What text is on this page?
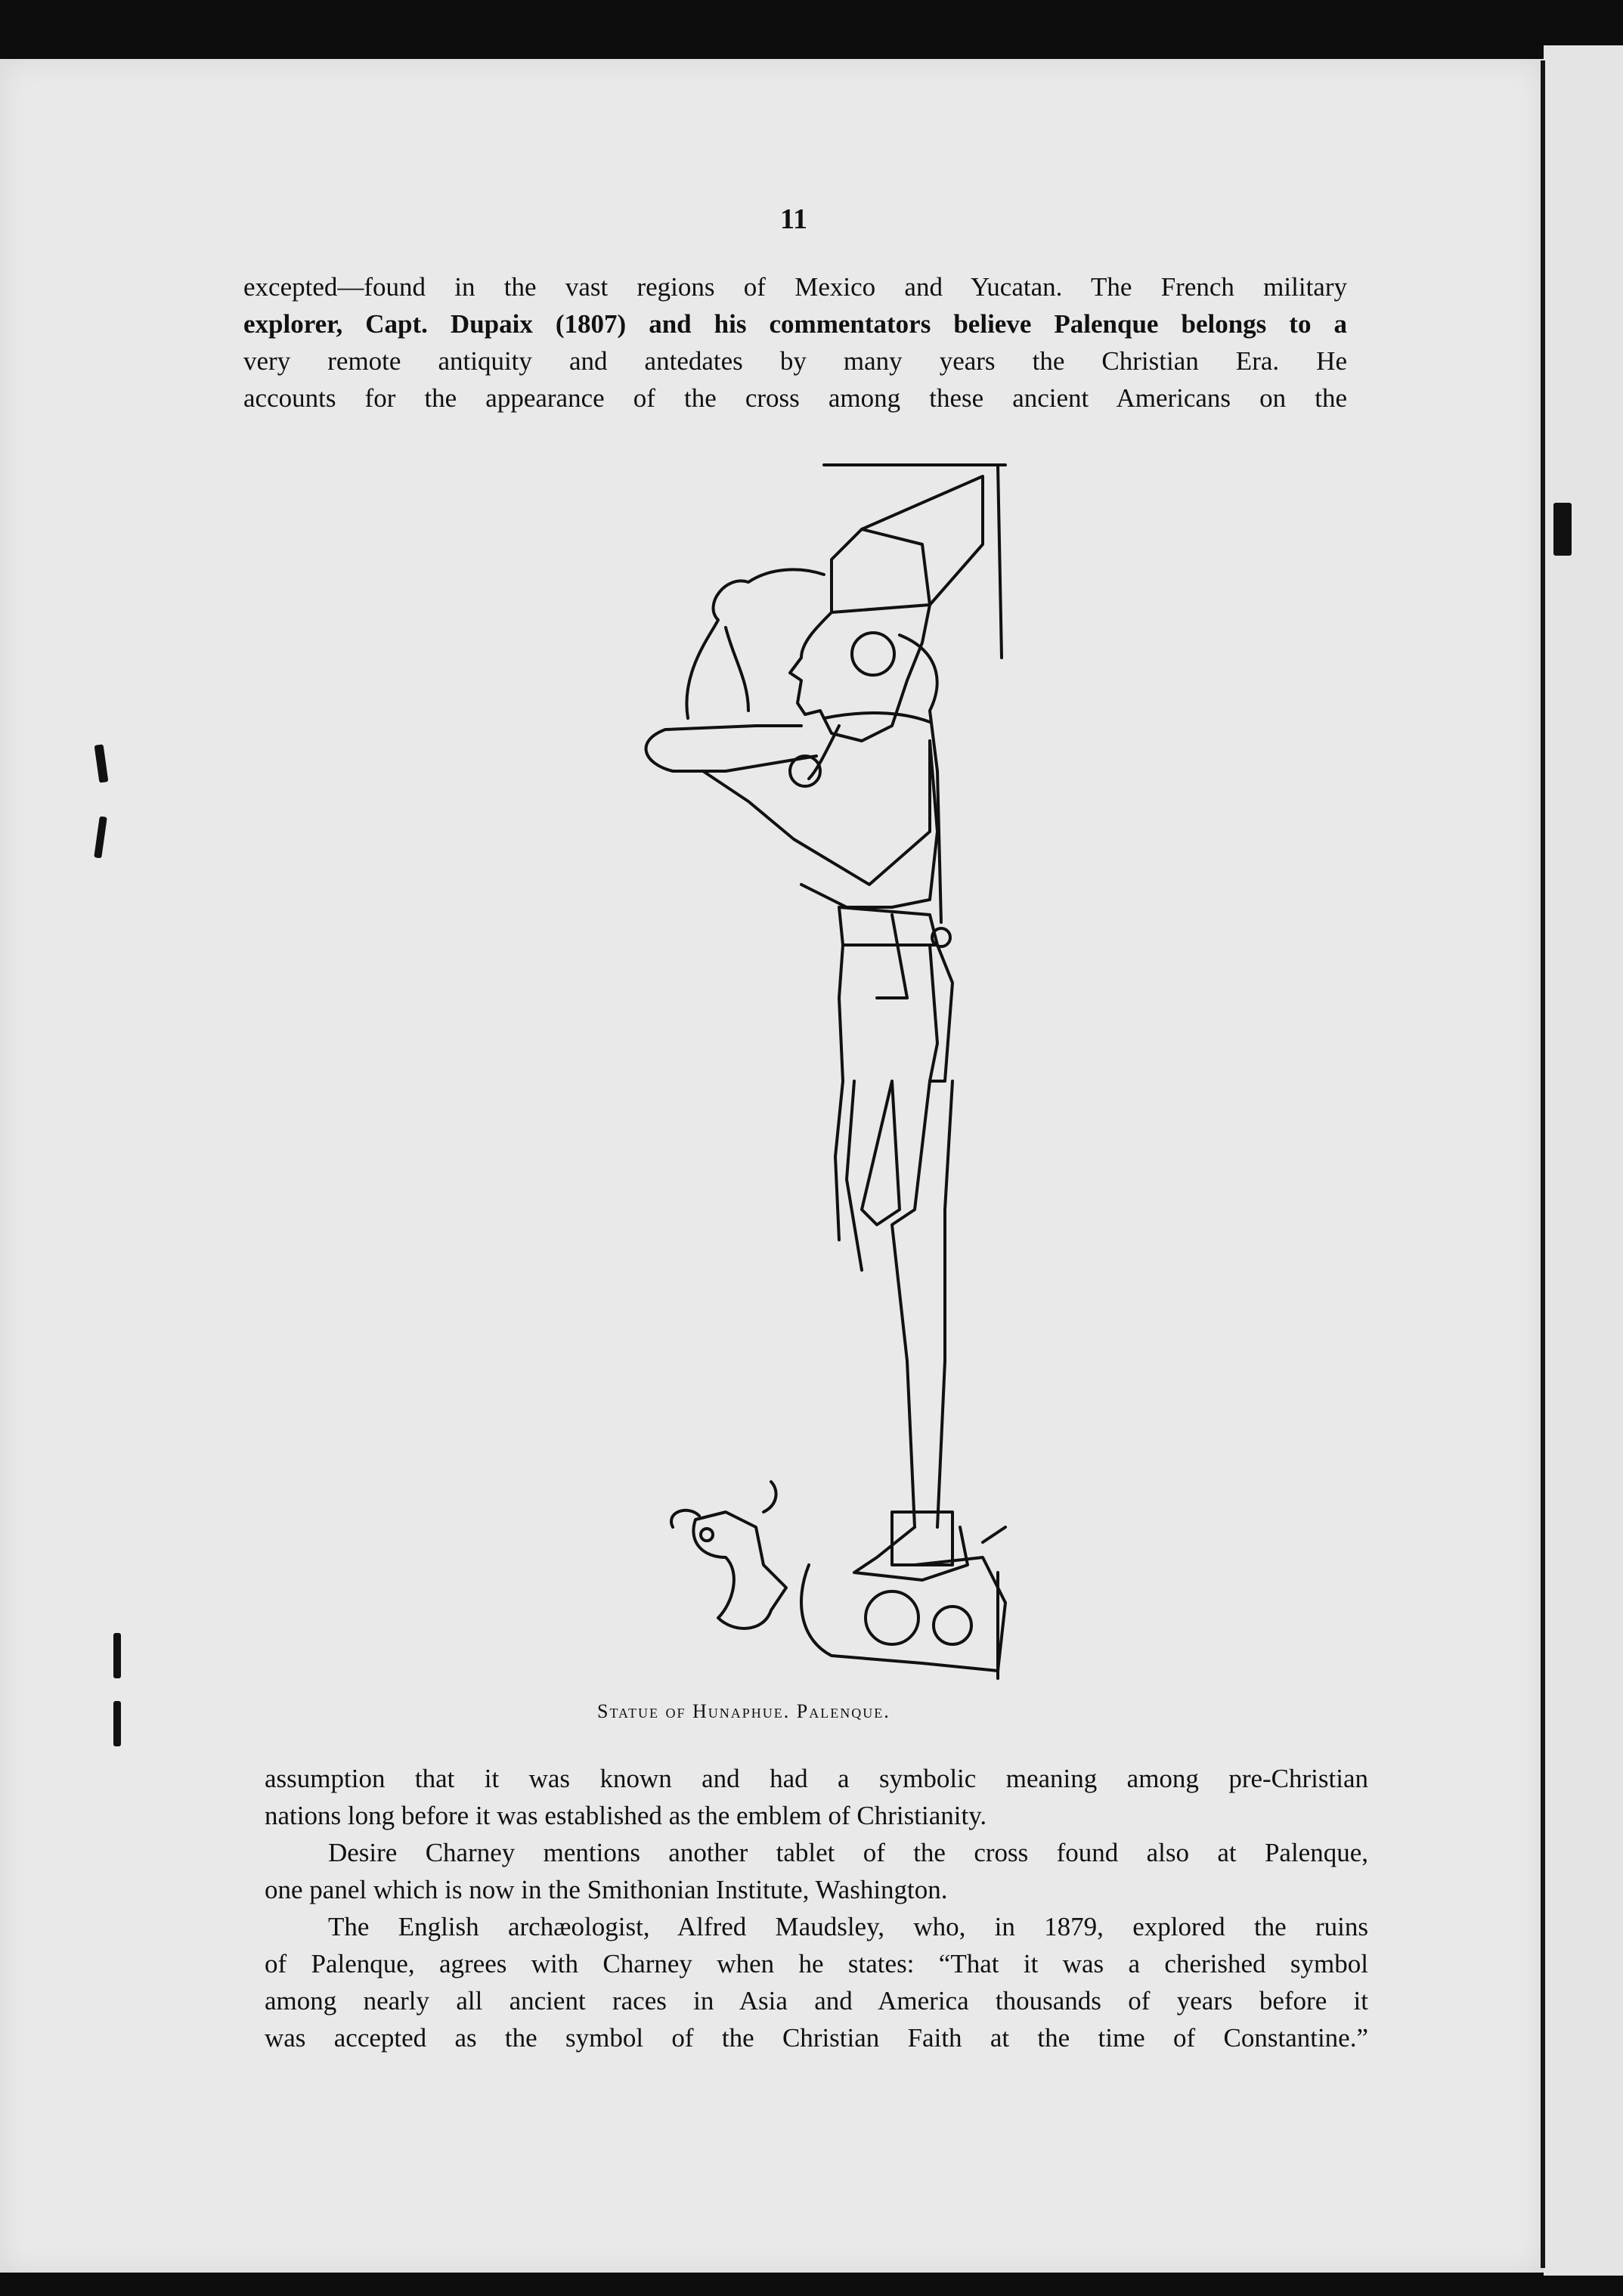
11
excepted—found in the vast regions of Mexico and Yucatan. The French military
explorer, Capt. Dupaix (1807) and his commentators believe Palenque belongs to a
very remote antiquity and antedates by many years the Christian Era. He
accounts for the appearance of the cross among these ancient Americans on the
Statue of Hunaphue. Palenque.
assumption that it was known and had a symbolic meaning among pre-Christian
nations long before it was established as the emblem of Christianity.
Desire Charney mentions another tablet of the cross found also at Palenque,
one panel which is now in the Smithonian Institute, Washington.
The English archæologist, Alfred Maudsley, who, in 1879, explored the ruins
of Palenque, agrees with Charney when he states: “That it was a cherished symbol
among nearly all ancient races in Asia and America thousands of years before it
was accepted as the symbol of the Christian Faith at the time of Constantine.”
